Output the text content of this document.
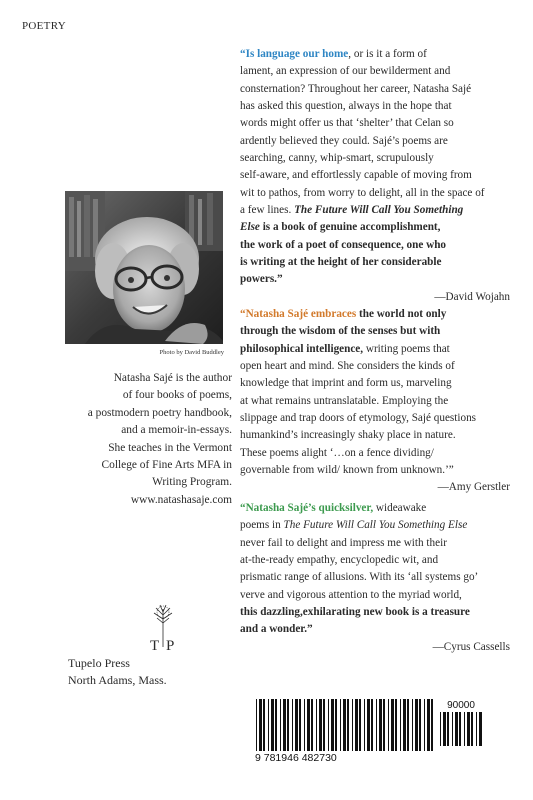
POETRY
Photo by David Buddley
Natasha Sajé is the author
of four books of poems,
a postmodern poetry handbook,
and a memoir-in-essays.
She teaches in the Vermont
College of Fine Arts MFA in
Writing Program.
www.natashasaje.com
T P
Tupelo Press
North Adams, Mass.
“Is language our home, or is it a form of
lament, an expression of our bewilderment and
consternation? Throughout her career, Natasha Sajé
has asked this question, always in the hope that
words might offer us that ‘shelter’ that Celan so
ardently believed they could. Sajé’s poems are
searching, canny, whip-smart, scrupulously
self-aware, and effortlessly capable of moving from
wit to pathos, from worry to delight, all in the space of
a few lines. The Future Will Call You Something
Else is a book of genuine accomplishment,
the work of a poet of consequence, one who
is writing at the height of her considerable
powers.”
—David Wojahn
“Natasha Sajé embraces the world not only
through the wisdom of the senses but with
philosophical intelligence, writing poems that
open heart and mind. She considers the kinds of
knowledge that imprint and form us, marveling
at what remains untranslatable. Employing the
slippage and trap doors of etymology, Sajé questions
humankind’s increasingly shaky place in nature.
These poems alight ‘…on a fence dividing/
governable from wild/ known from unknown.’”
—Amy Gerstler
“Natasha Sajé’s quicksilver, wideawake
poems in The Future Will Call You Something Else
never fail to delight and impress me with their
at-the-ready empathy, encyclopedic wit, and
prismatic range of allusions. With its ‘all systems go’
verve and vigorous attention to the myriad world,
this dazzling,exhilarating new book is a treasure
and a wonder.”
—Cyrus Cassells
9 781946 482730
90000
